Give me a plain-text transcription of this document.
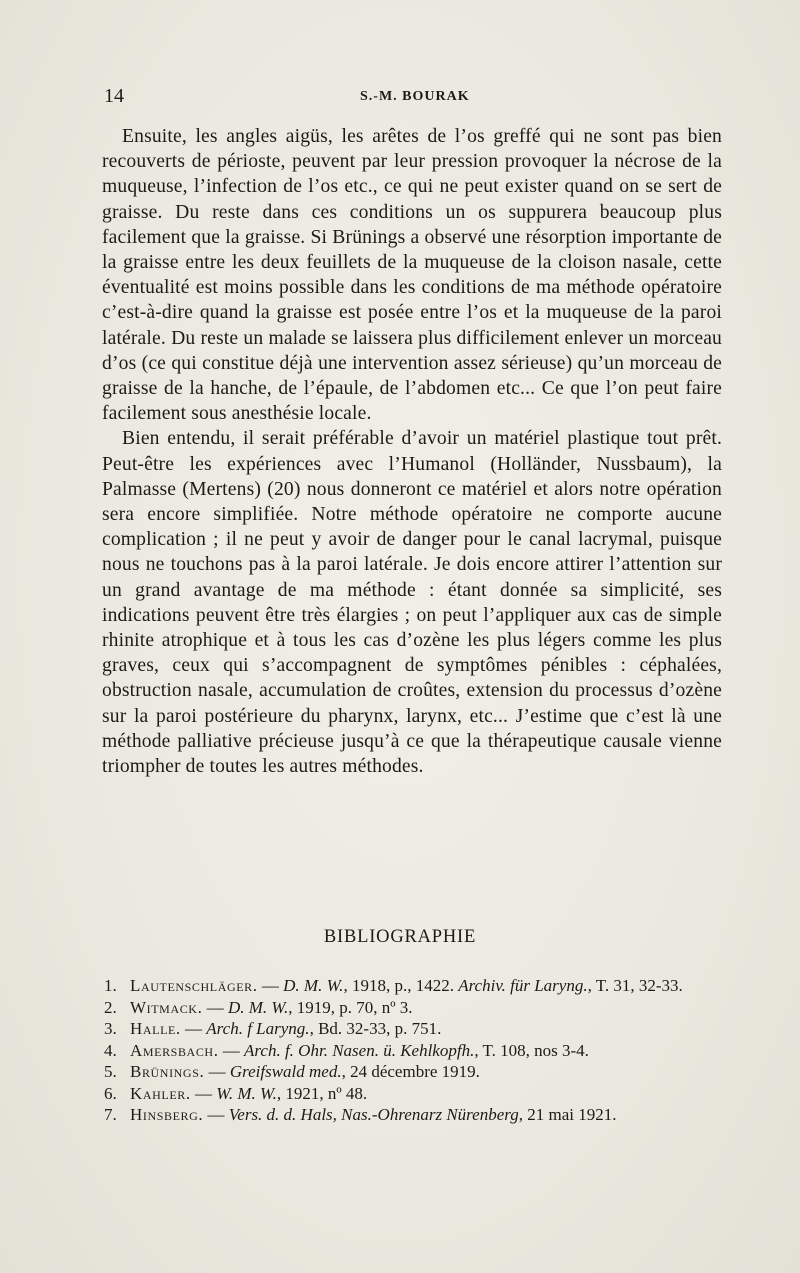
14	S.-M. BOURAK

Ensuite, les angles aigüs, les arêtes de l’os greffé qui ne sont pas bien recouverts de périoste, peuvent par leur pression provoquer la nécrose de la muqueuse, l’infection de l’os etc., ce qui ne peut exister quand on se sert de graisse. Du reste dans ces conditions un os suppurera beaucoup plus facilement que la graisse. Si Brünings a observé une résorption importante de la graisse entre les deux feuillets de la muqueuse de la cloison nasale, cette éventualité est moins possible dans les conditions de ma méthode opératoire c’est-à-dire quand la graisse est posée entre l’os et la muqueuse de la paroi latérale. Du reste un malade se laissera plus difficilement enlever un morceau d’os (ce qui constitue déjà une intervention assez sérieuse) qu’un morceau de graisse de la hanche, de l’épaule, de l’abdomen etc... Ce que l’on peut faire facilement sous anesthésie locale.

Bien entendu, il serait préférable d’avoir un matériel plastique tout prêt. Peut-être les expériences avec l’Humanol (Holländer, Nussbaum), la Palmasse (Mertens) (20) nous donneront ce matériel et alors notre opération sera encore simplifiée. Notre méthode opératoire ne comporte aucune complication ; il ne peut y avoir de danger pour le canal lacrymal, puisque nous ne touchons pas à la paroi latérale. Je dois encore attirer l’attention sur un grand avantage de ma méthode : étant donnée sa simplicité, ses indications peuvent être très élargies ; on peut l’appliquer aux cas de simple rhinite atrophique et à tous les cas d’ozène les plus légers comme les plus graves, ceux qui s’accompagnent de symptômes pénibles : céphalées, obstruction nasale, accumulation de croûtes, extension du processus d’ozène sur la paroi postérieure du pharynx, larynx, etc... J’estime que c’est là une méthode palliative précieuse jusqu’à ce que la thérapeutique causale vienne triompher de toutes les autres méthodes.

BIBLIOGRAPHIE
1. Lautenschläger. — D. M. W., 1918, p., 1422. Archiv. für Laryng., T. 31, 32-33.
2. Witmack. — D. M. W., 1919, p. 70, nº 3.
3. Halle. — Arch. f Laryng., Bd. 32-33, p. 751.
4. Amersbach. — Arch. f. Ohr. Nasen. ü. Kehlkopfh., T. 108, nos 3-4.
5. Brünings. — Greifswald med., 24 décembre 1919.
6. Kahler. — W. M. W., 1921, nº 48.
7. Hinsberg. — Vers. d. d. Hals, Nas.-Ohrenarz Nürenberg, 21 mai 1921.
